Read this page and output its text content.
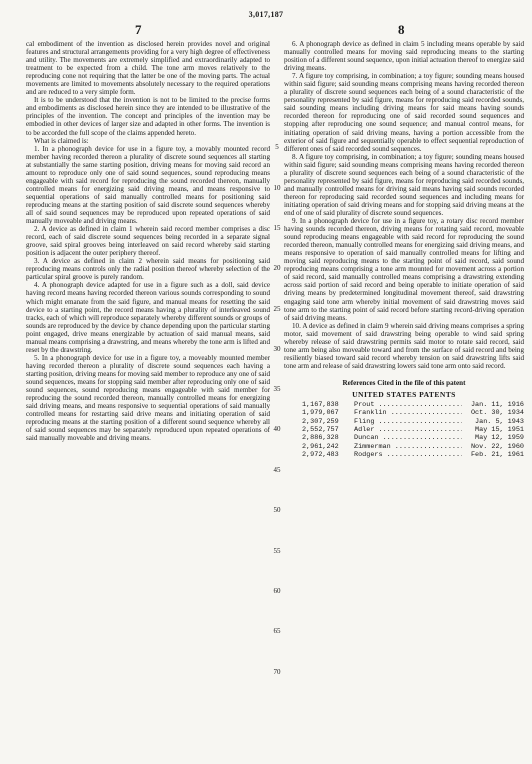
3,017,187
7	8

cal embodiment of the invention as disclosed herein provides novel and original features and structural arrangements providing for a very high degree of effectiveness and utility. The movements are extremely simplified and extraordinarily adapted to treatment to be expected from a child. The tone arm moves relatively to the reproducing cone not requiring that the latter be one of the moving parts. The actual movements are limited to movements absolutely necessary to the required operations and are reduced to a very simple form.

It is to be understood that the invention is not to be limited to the precise forms and embodiments as disclosed herein since they are intended to be illustrative of the principles of the invention. The concept and principles of the invention may be embodied in other devices of larger size and adapted in other forms. The invention is to be accorded the full scope of the claims appended hereto.

What is claimed is:

1. In a phonograph device for use in a figure toy, a movably mounted record member having recorded thereon a plurality of discrete sound sequences all starting at substantially the same starting position, driving means for moving said record an amount to reproduce only one of said sound sequences, sound reproducing means engageable with said record for reproducing the sound recorded thereon, manually controlled means for energizing said driving means, and means responsive to sequential operations of said manually controlled means for positioning said reproducing means at the starting position of said discrete sound sequences whereby all of said sound sequences may be reproduced upon repeated operations of said manually moveable and driving means.

2. A device as defined in claim 1 wherein said record member comprises a disc record, each of said discrete sound sequences being recorded in a separate signal groove, said spiral grooves being interleaved on said record whereby said starting position is adjacent the outer periphery thereof.

3. A device as defined in claim 2 wherein said means for positioning said reproducing means controls only the radial position thereof whereby selection of the particular spiral groove is purely random.

4. A phonograph device adapted for use in a figure such as a doll, said device having record means having recorded thereon various sounds corresponding to sound which might emanate from the said figure, and manual means for resetting the said device to a starting point, the record means having a plurality of interleaved sound tracks, each of which will reproduce separately whereby different sounds or groups of sounds are reproduced by the device by chance depending upon the particular starting point engaged, drive means energizable by actuation of said manual means, said manual means comprising a drawstring, and means whereby the tone arm is lifted and reset by the drawstring.

5. In a phonograph device for use in a figure toy, a moveably mounted member having recorded thereon a plurality of discrete sound sequences each having a starting position, driving means for moving said member to reproduce any one of said sound sequences, means for stopping said member after reproducing only one of said sound sequences, sound reproducing means engageable with said member for reproducing the sound recorded thereon, manually controlled means for energizing said driving means, and means responsive to sequential operations of said manually controlled means for restarting said drive means and initiating operation of said reproducing means at the starting position of a different sound sequence whereby all of said sound sequences may be separately reproduced upon repeated operations of said manually moveable and driving means.

5
10
15
20
25
30
35
40
45
50
55
60
65
70

6. A phonograph device as defined in claim 5 including means operable by said manually controlled means for moving said reproducing means to the starting position of a different sound sequence, upon initial actuation thereof to energize said driving means.

7. A figure toy comprising, in combination; a toy figure; sounding means housed within said figure; said sounding means comprising means having recorded thereon a plurality of discrete sound sequences each being of a sound characteristic of the personality represented by said figure, means for reproducing said recorded sounds, said sounding means including driving means for said means having sounds recorded thereon for reproducing one of said recorded sound sequences and stopping after reproducing one sound sequence; and manual control means, for initiating operation of said driving means, having a portion accessible from the exterior of said figure and sequentially operable to effect sequential reproduction of different ones of said recorded sound sequences.

8. A figure toy comprising, in combination; a toy figure; sounding means housed within said figure; said sounding means comprising means having recorded thereon a plurality of discrete sound sequences each being of a sound characteristic of the personality represented by said figure, means for reproducing said recorded sounds, and manually controlled means for driving said means having said sounds recorded thereon for reproducing said recorded sound sequences and including means for initiating operation of said driving means and for stopping said driving means at the end of one of said plurality of discrete sound sequences.

9. In a phonograph device for use in a figure toy, a rotary disc record member having sounds recorded thereon, driving means for rotating said record, moveable sound reproducing means engageable with said record for reproducing the sound recorded thereon, manually controlled means for energizing said driving means, and means responsive to operation of said manually controlled means for lifting and moving said reproducing means to the starting point of said record, said sound reproducing means comprising a tone arm mounted for movement across a portion of said record, said manually controlled means comprising a drawstring extending across said portion of said record and being operable to initiate operation of said driving means by predetermined longitudinal movement thereof, said drawstring engaging said tone arm whereby initial movement of said drawstring moves said tone arm to the starting point of said record before starting record-driving operation of said driving means.

10. A device as defined in claim 9 wherein said driving means comprises a spring motor, said movement of said drawstring being operable to wind said spring whereby release of said drawstring permits said motor to rotate said record, said tone arm being also moveable toward and from the surface of said record and being resiliently biased toward said record whereby tension on said drawstring lifts said tone arm and release of said drawstring lowers said tone arm onto said record.

References Cited in the file of this patent
UNITED STATES PATENTS
1,167,838	Prout .....	Jan. 11, 1916
1,979,067	Franklin .....	Oct. 30, 1934
2,307,259	Fling .....	Jan. 5, 1943
2,552,757	Adler .....	May 15, 1951
2,886,328	Duncan .....	May 12, 1959
2,961,242	Zimmerman .....	Nov. 22, 1960
2,972,483	Rodgers .....	Feb. 21, 1961
